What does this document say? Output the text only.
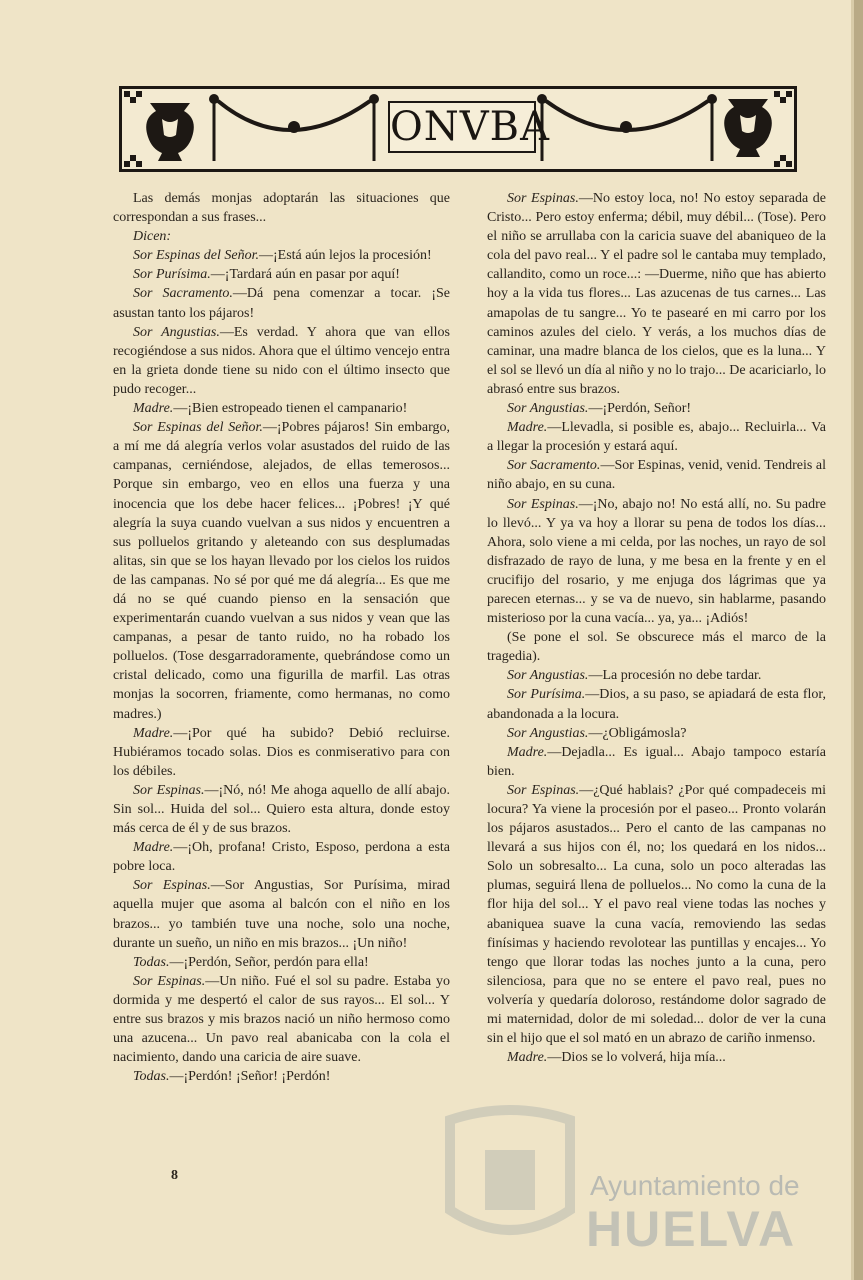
ONVBA

Las demás monjas adoptarán las situaciones que correspondan a sus frases...

Dicen:

Sor Espinas del Señor.—¡Está aún lejos la procesión!

Sor Purísima.—¡Tardará aún en pasar por aquí!

Sor Sacramento.—Dá pena comenzar a tocar. ¡Se asustan tanto los pájaros!

Sor Angustias.—Es verdad. Y ahora que van ellos recogiéndose a sus nidos. Ahora que el último vencejo entra en la grieta donde tiene su nido con el último insecto que pudo recoger...

Madre.—¡Bien estropeado tienen el campanario!

Sor Espinas del Señor.—¡Pobres pájaros! Sin embargo, a mí me dá alegría verlos volar asustados del ruido de las campanas, cerniéndose, alejados, de ellas temerosos... Porque sin embargo, veo en ellos una fuerza y una inocencia que los debe hacer felices... ¡Pobres! ¡Y qué alegría la suya cuando vuelvan a sus nidos y encuentren a sus polluelos gritando y aleteando con sus desplumadas alitas, sin que se los hayan llevado por los cielos los ruidos de las campanas. No sé por qué me dá alegría... Es que me dá no se qué cuando pienso en la sensación que experimentarán cuando vuelvan a sus nidos y vean que las campanas, a pesar de tanto ruido, no ha robado los polluelos. (Tose desgarradoramente, quebrándose como un cristal delicado, como una figurilla de marfil. Las otras monjas la socorren, friamente, como hermanas, no como madres.)

Madre.—¡Por qué ha subido? Debió recluirse. Hubiéramos tocado solas. Dios es conmiserativo para con los débiles.

Sor Espinas.—¡Nó, nó! Me ahoga aquello de allí abajo. Sin sol... Huida del sol... Quiero esta altura, donde estoy más cerca de él y de sus brazos.

Madre.—¡Oh, profana! Cristo, Esposo, perdona a esta pobre loca.

Sor Espinas.—Sor Angustias, Sor Purísima, mirad aquella mujer que asoma al balcón con el niño en los brazos... yo también tuve una noche, solo una noche, durante un sueño, un niño en mis brazos... ¡Un niño!

Todas.—¡Perdón, Señor, perdón para ella!

Sor Espinas.—Un niño. Fué el sol su padre. Estaba yo dormida y me despertó el calor de sus rayos... El sol... Y entre sus brazos y mis brazos nació un niño hermoso como una azucena... Un pavo real abanicaba con la cola el nacimiento, dando una caricia de aire suave.

Todas.—¡Perdón! ¡Señor! ¡Perdón!

Sor Espinas.—No estoy loca, no! No estoy separada de Cristo... Pero estoy enferma; débil, muy débil... (Tose). Pero el niño se arrullaba con la caricia suave del abaniqueo de la cola del pavo real... Y el padre sol le cantaba muy templado, callandito, como un roce...: —Duerme, niño que has abierto hoy a la vida tus flores... Las azucenas de tus carnes... Las amapolas de tu sangre... Yo te pasearé en mi carro por los caminos azules del cielo. Y verás, a los muchos días de caminar, una madre blanca de los cielos, que es la luna... Y el sol se llevó un día al niño y no lo trajo... De acariciarlo, lo abrasó entre sus brazos.

Sor Angustias.—¡Perdón, Señor!

Madre.—Llevadla, si posible es, abajo... Recluirla... Va a llegar la procesión y estará aquí.

Sor Sacramento.—Sor Espinas, venid, venid. Tendreis al niño abajo, en su cuna.

Sor Espinas.—¡No, abajo no! No está allí, no. Su padre lo llevó... Y ya va hoy a llorar su pena de todos los días... Ahora, solo viene a mi celda, por las noches, un rayo de sol disfrazado de rayo de luna, y me besa en la frente y en el crucifijo del rosario, y me enjuga dos lágrimas que ya parecen eternas... y se va de nuevo, sin hablarme, pasando misterioso por la cuna vacía... ya, ya... ¡Adiós!

(Se pone el sol. Se obscurece más el marco de la tragedia).

Sor Angustias.—La procesión no debe tardar.

Sor Purísima.—Dios, a su paso, se apiadará de esta flor, abandonada a la locura.

Sor Angustias.—¿Obligámosla?

Madre.—Dejadla... Es igual... Abajo tampoco estaría bien.

Sor Espinas.—¿Qué hablais? ¿Por qué compadeceis mi locura? Ya viene la procesión por el paseo... Pronto volarán los pájaros asustados... Pero el canto de las campanas no llevará a sus hijos con él, no; los quedará en los nidos... Solo un sobresalto... La cuna, solo un poco alteradas las plumas, seguirá llena de polluelos... No como la cuna de la flor hija del sol... Y el pavo real viene todas las noches y abaniquea suave la cuna vacía, removiendo las sedas finísimas y haciendo revolotear las puntillas y encajes... Yo tengo que llorar todas las noches junto a la cuna, pero silenciosa, para que no se entere el pavo real, pues no volvería y quedaría doloroso, restándome dolor sagrado de mi maternidad, dolor de mi soledad... dolor de ver la cuna sin el hijo que el sol mató en un abrazo de cariño inmenso.

Madre.—Dios se lo volverá, hija mía...

8	Ayuntamiento de
HUELVA
